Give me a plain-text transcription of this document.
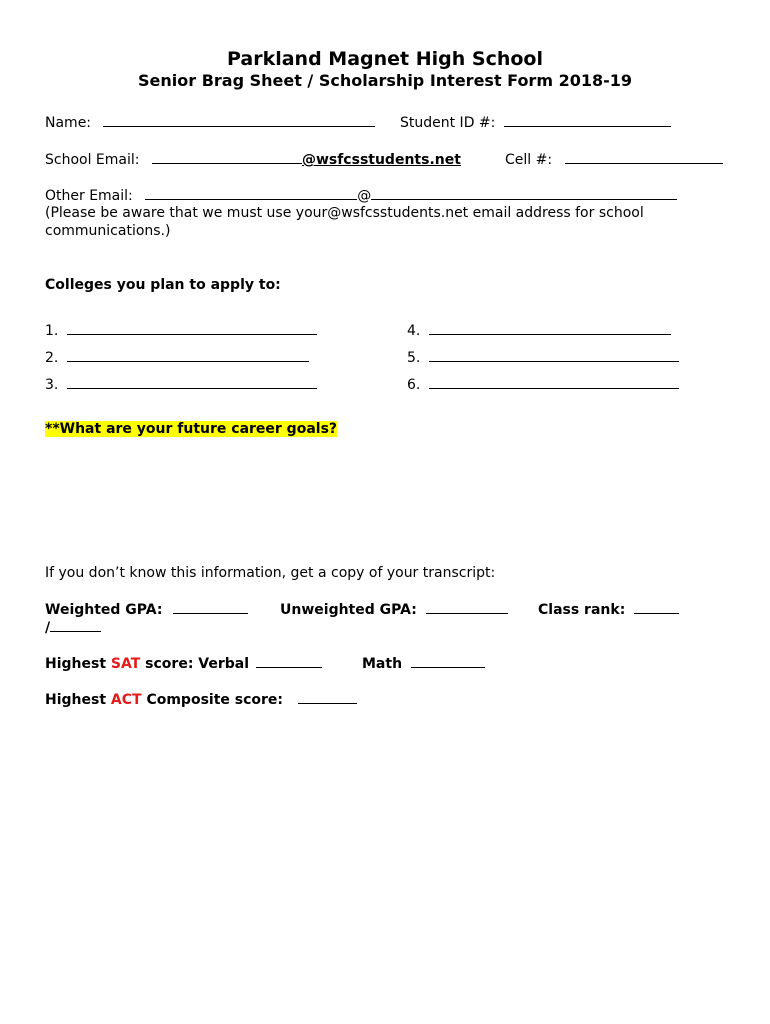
Parkland Magnet High School
Senior Brag Sheet / Scholarship Interest Form 2018-19
Name:	Student ID #:
School Email:	@wsfcsstudents.net	Cell #:
Other Email:	@
(Please be aware that we must use your@wsfcsstudents.net email address for school communications.)
Colleges you plan to apply to:
1.
2.
3.
4.
5.
6.
**What are your future career goals?
If you don’t know this information, get a copy of your transcript:
Weighted GPA:	Unweighted GPA:	Class rank:
/
Highest SAT score: Verbal	Math
Highest ACT Composite score:
